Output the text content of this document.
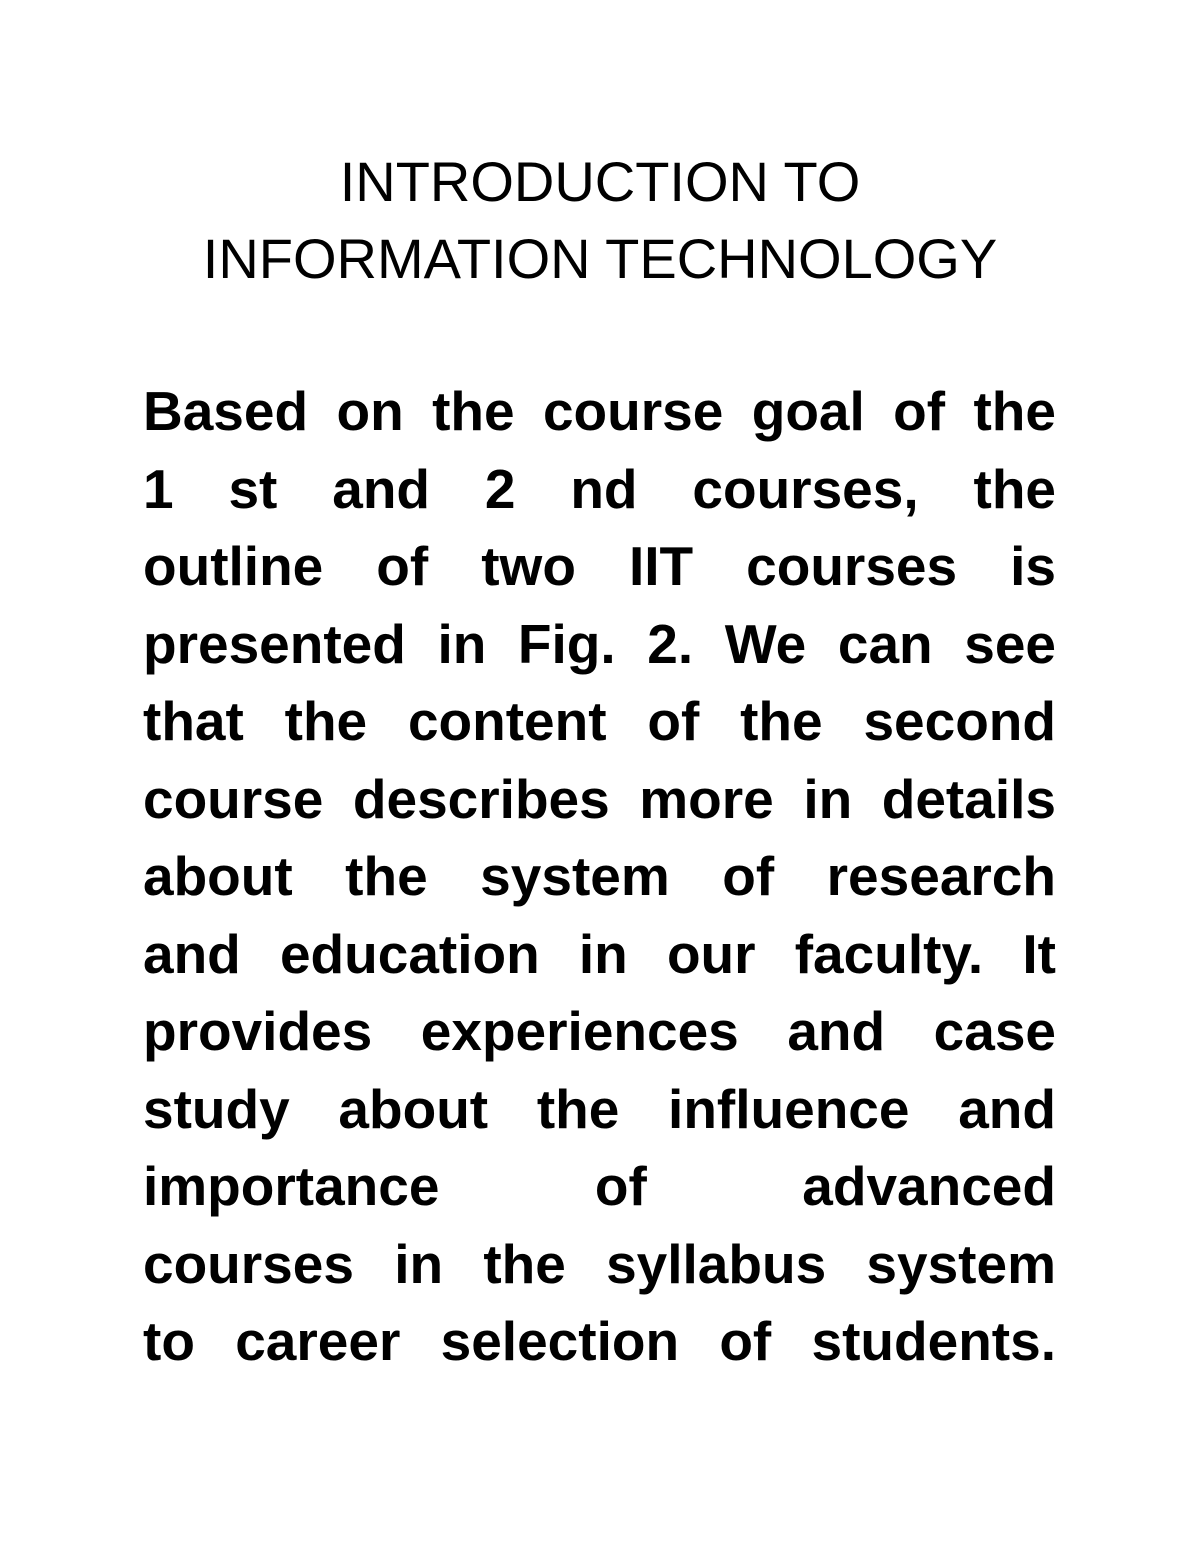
INTRODUCTION TO
INFORMATION TECHNOLOGY

Based on the course goal of the
1 st and 2 nd courses, the
outline of two IIT courses is
presented in Fig. 2. We can see
that the content of the second
course describes more in details
about the system of research
and education in our faculty. It
provides experiences and case
study about the influence and
importance of advanced
courses in the syllabus system
to career selection of students.
